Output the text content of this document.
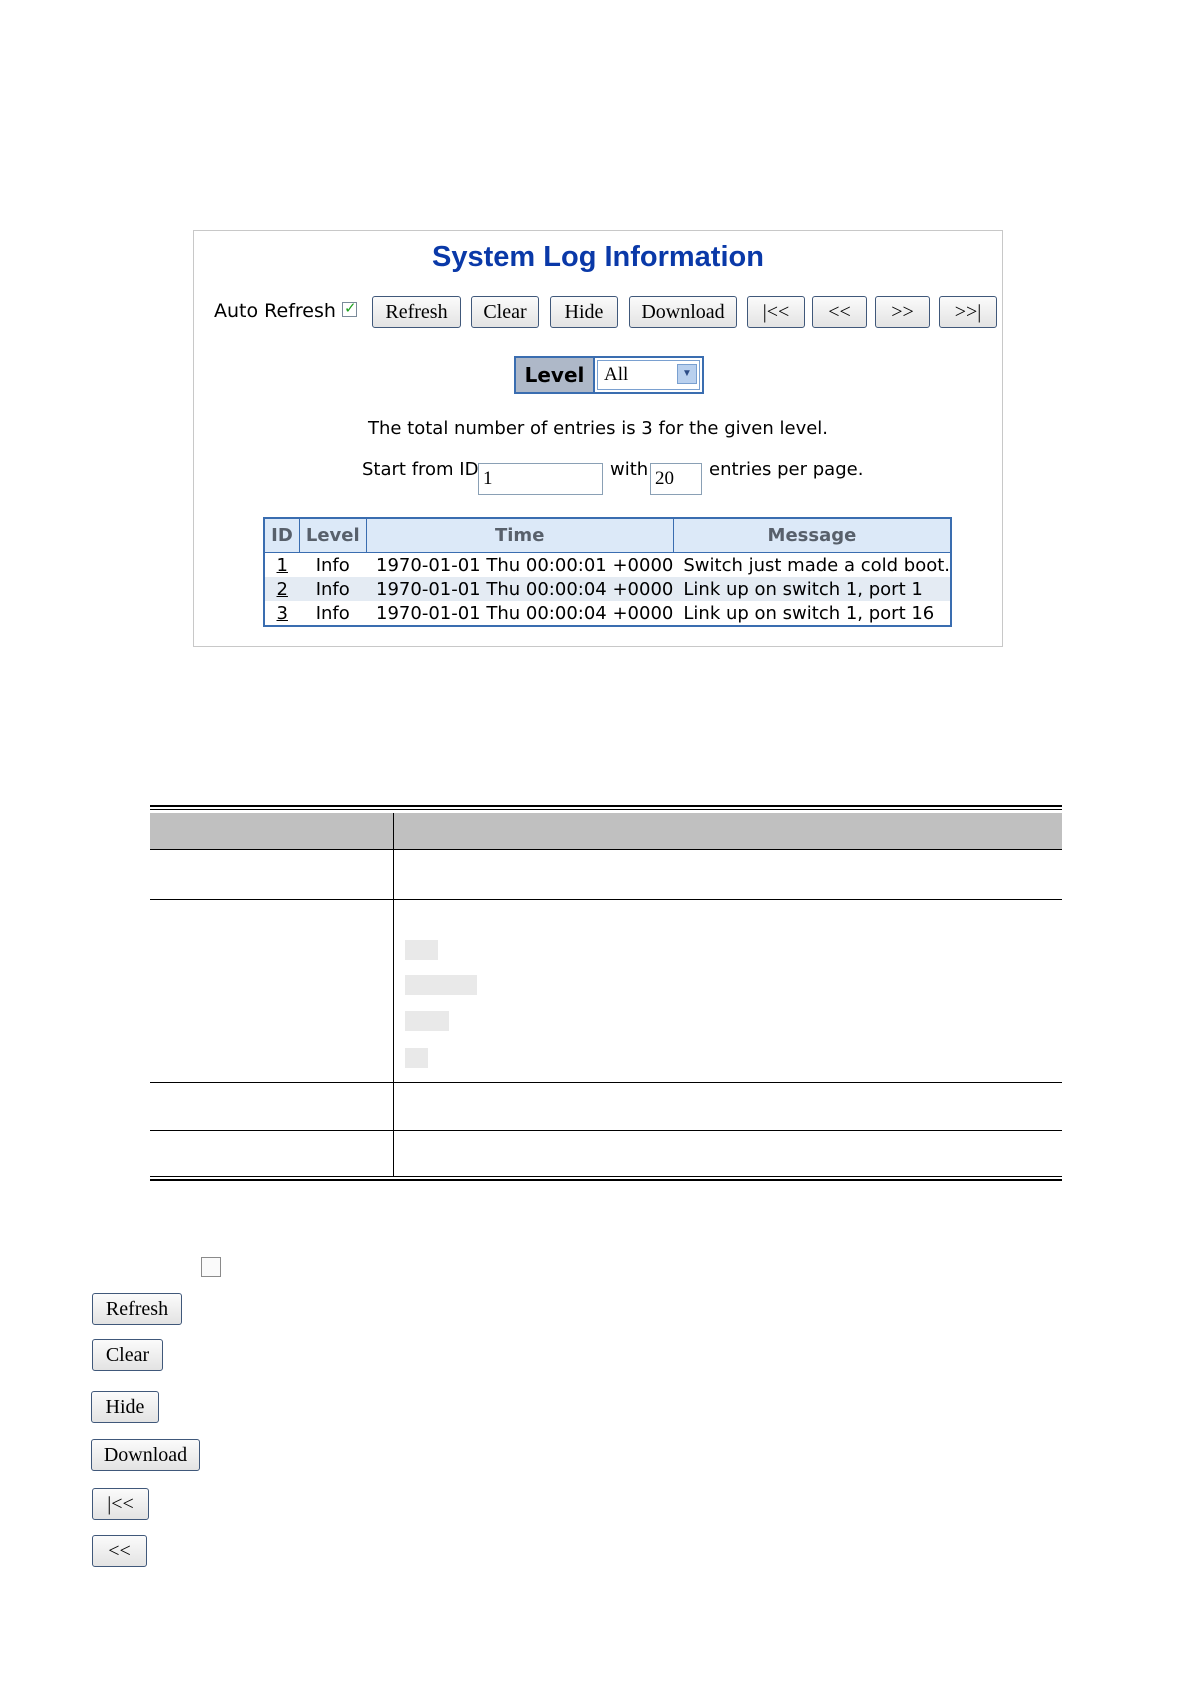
System Log Information
Auto Refresh ✓	Refresh	Clear	Hide	Download	|<<	<<	>>	>>|
Level	All	▼
The total number of entries is 3 for the given level.
Start from ID 1	with 20	entries per page.
ID	Level	Time	Message
1	Info	1970-01-01 Thu 00:00:01 +0000	Switch just made a cold boot.
2	Info	1970-01-01 Thu 00:00:04 +0000	Link up on switch 1, port 1
3	Info	1970-01-01 Thu 00:00:04 +0000	Link up on switch 1, port 16
Refresh
Clear
Hide
Download
|<<
<<
